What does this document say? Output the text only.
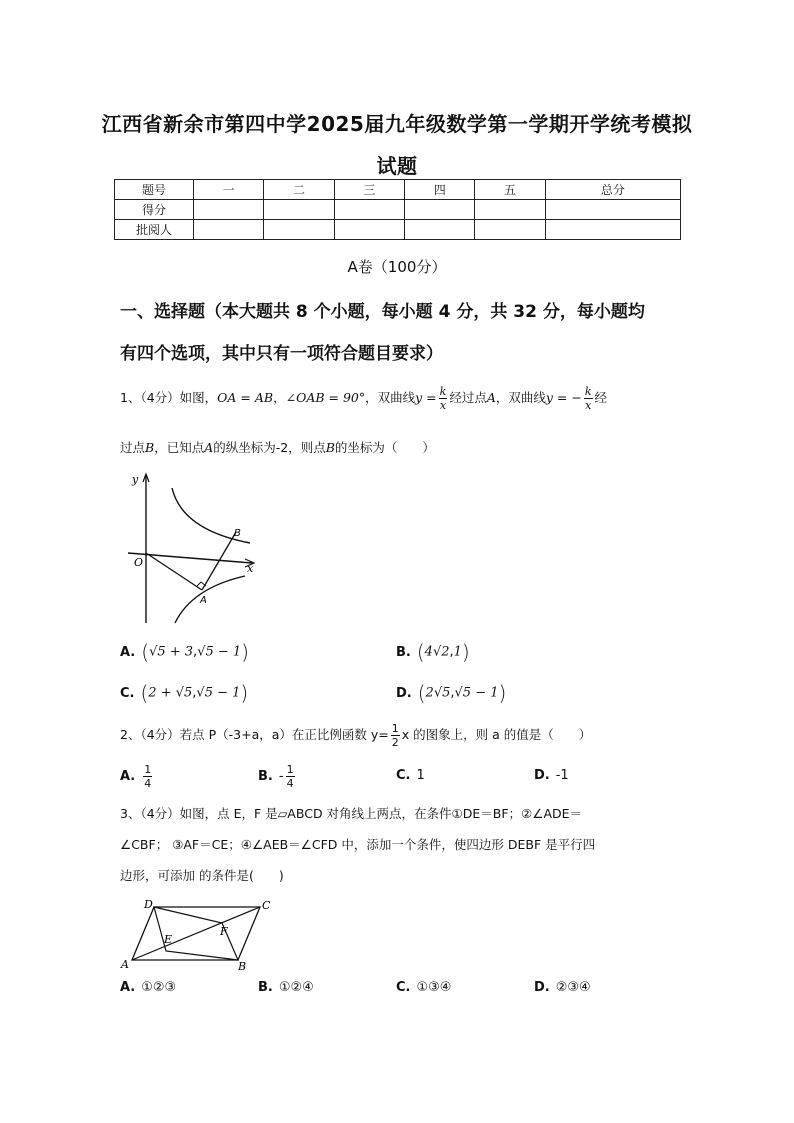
江西省新余市第四中学2025届九年级数学第一学期开学统考模拟
试题
题号	一	二	三	四	五	总分
得分						
批阅人						
A卷（100分）
一、选择题（本大题共 8 个小题，每小题 4 分，共 32 分，每小题均
有四个选项，其中只有一项符合题目要求）
1、（4分）如图，OA = AB，∠OAB = 90°，双曲线$y = \frac{k}{x}$ 经过点A，双曲线y = − $\frac{k}{x}$ 经
过点B，已知点A的纵坐标为-2，则点B的坐标为（　　）
y
x
O
A
B
A. (√5 + 3,√5 − 1)	B. (4√2,1)
C. (2 + √5,√5 − 1)	D. (2√5,√5 − 1)
2、（4分）若点 P（-3+a，a）在正比例函数 $y= \frac{1}{2}$ x 的图象上，则 a 的值是（　　）
A. $\frac{1}{4}$	B. - $\frac{1}{4}$	C. 1	D. -1
3、（4分）如图，点 E，F 是▱ABCD 对角线上两点，在条件①DE＝BF；②∠ADE＝
∠CBF； ③AF＝CE；④∠AEB＝∠CFD 中，添加一个条件，使四边形 DEBF 是平行四
边形，可添加 的条件是(　　)
A	B
C
D
E
F
A. ①②③	B. ①②④	C. ①③④	D. ②③④
